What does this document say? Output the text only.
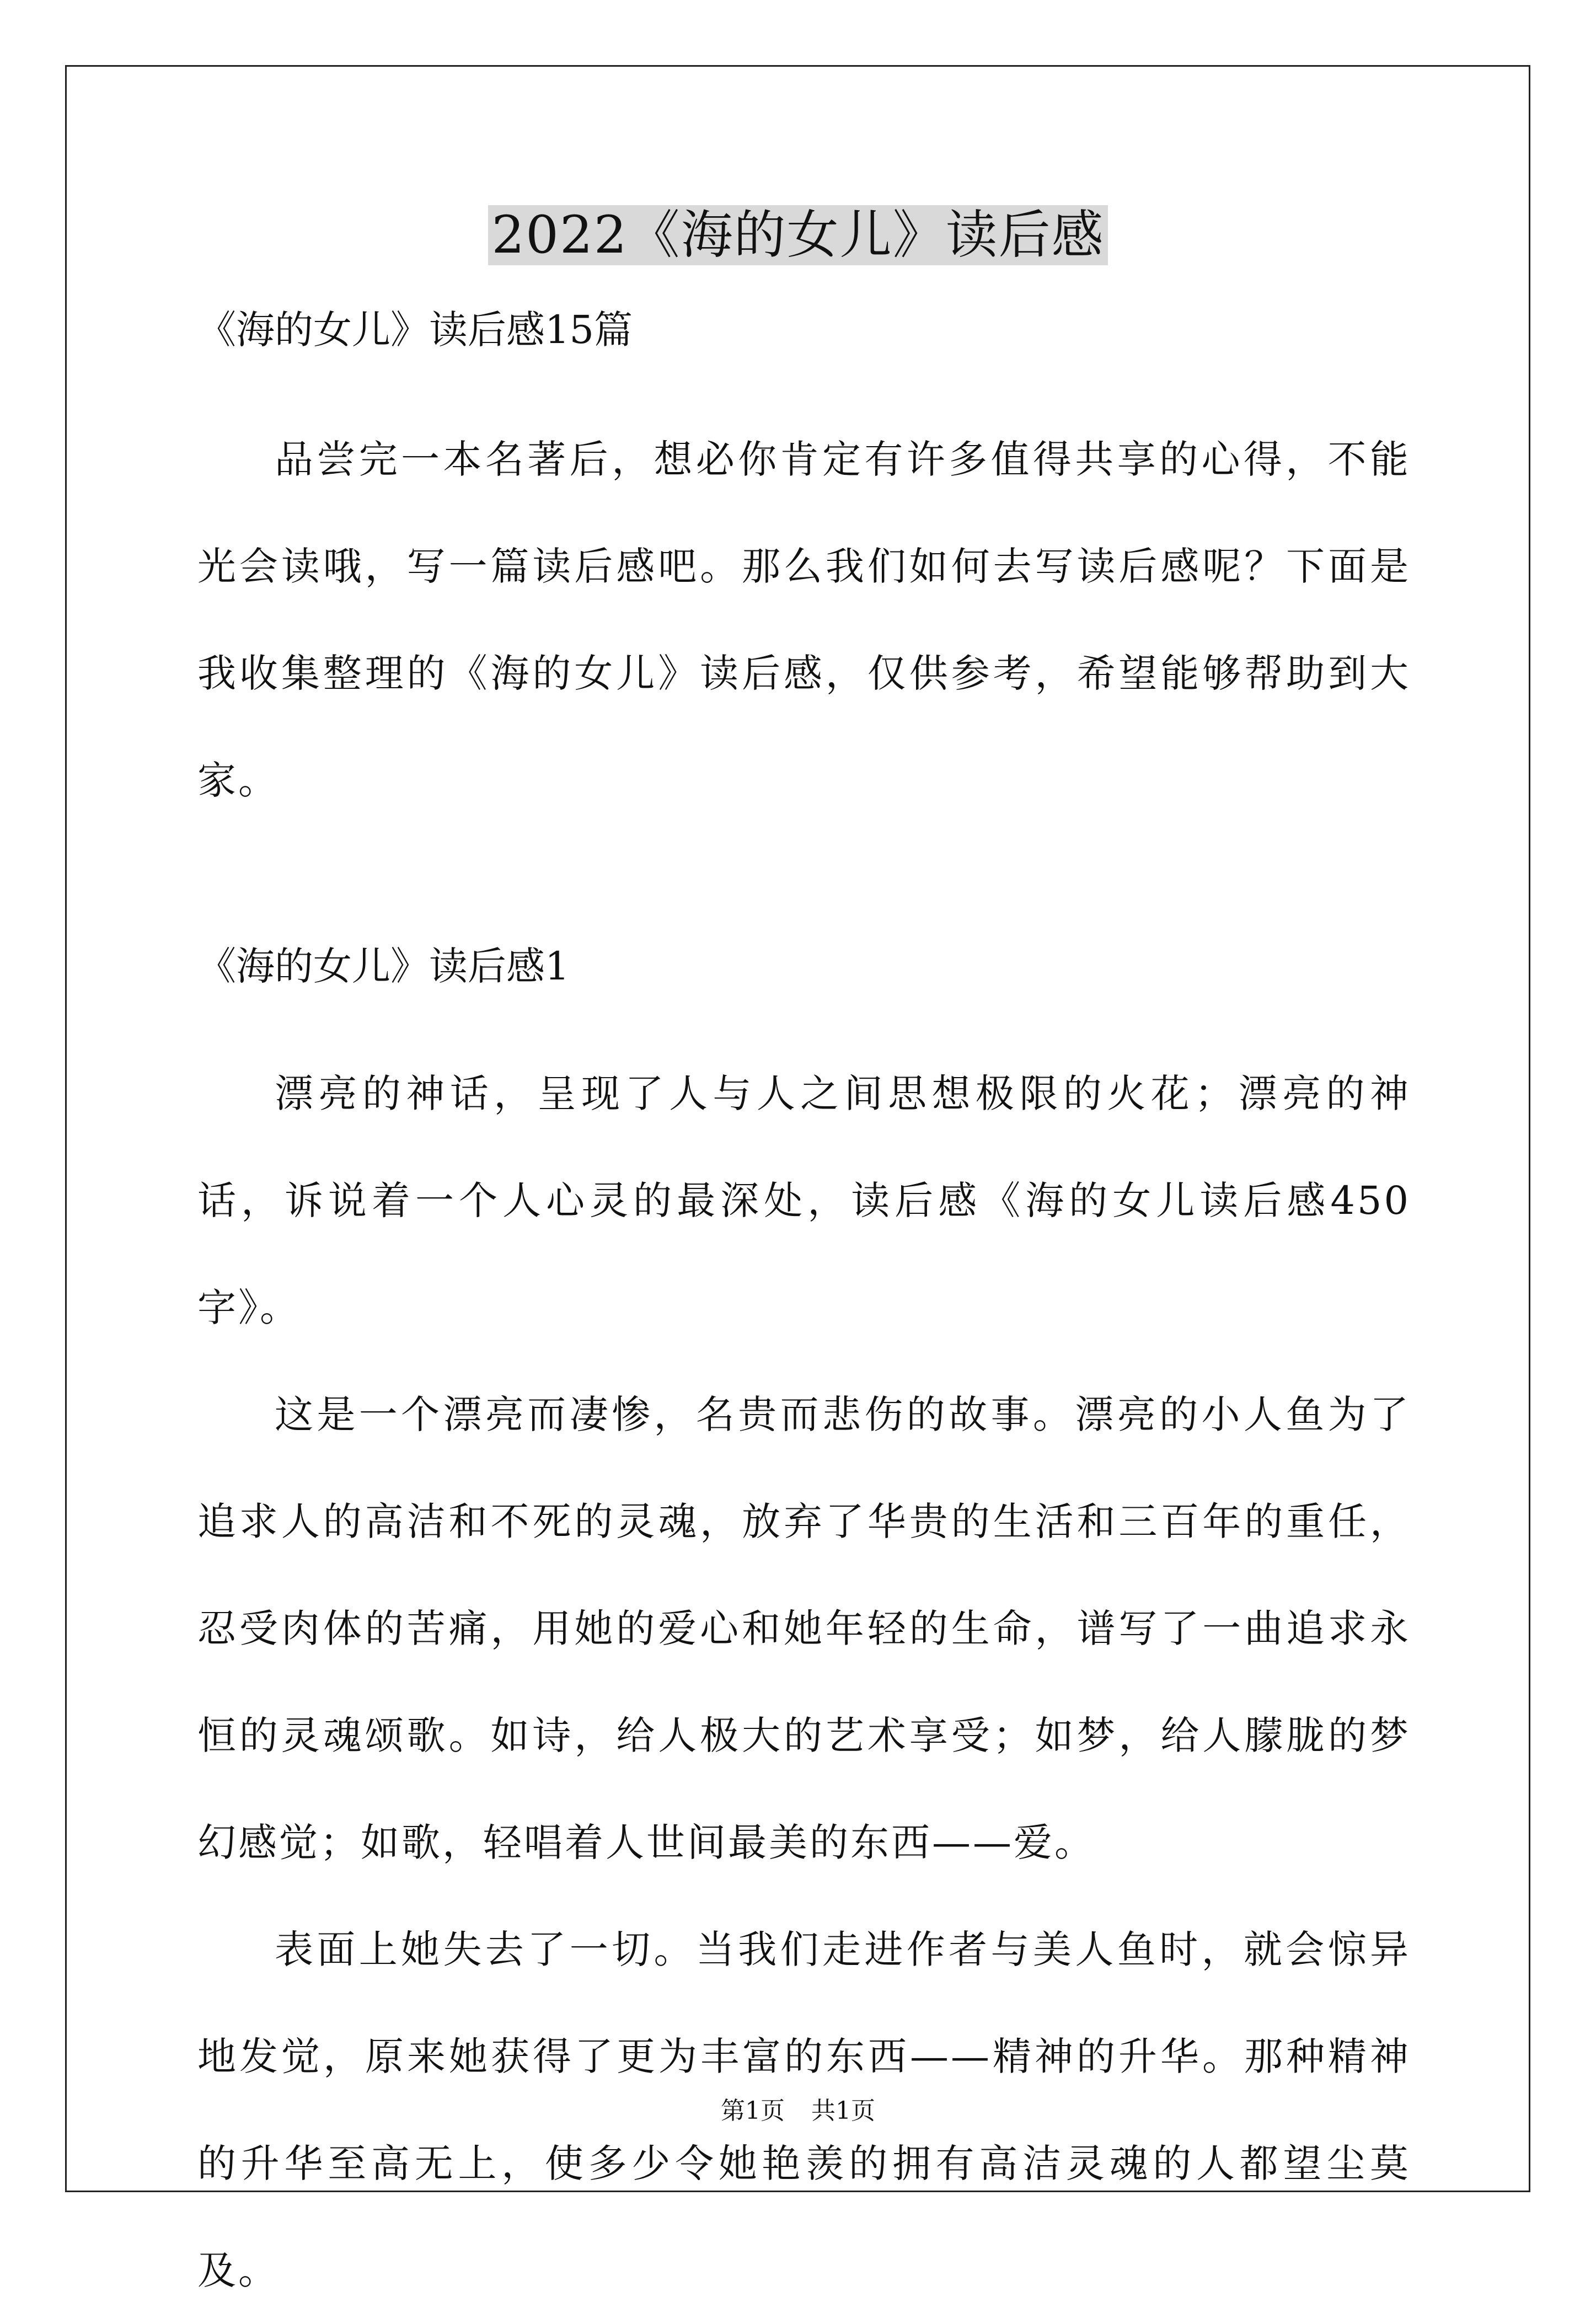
2022《海的女儿》读后感

《海的女儿》读后感15篇

品尝完一本名著后，想必你肯定有许多值得共享的心得，不能光会读哦，写一篇读后感吧。那么我们如何去写读后感呢？下面是我收集整理的《海的女儿》读后感，仅供参考，希望能够帮助到大家。

《海的女儿》读后感1

漂亮的神话，呈现了人与人之间思想极限的火花；漂亮的神话，诉说着一个人心灵的最深处，读后感《海的女儿读后感450字》。

这是一个漂亮而凄惨，名贵而悲伤的故事。漂亮的小人鱼为了追求人的高洁和不死的灵魂，放弃了华贵的生活和三百年的重任，忍受肉体的苦痛，用她的爱心和她年轻的生命，谱写了一曲追求永恒的灵魂颂歌。如诗，给人极大的艺术享受；如梦，给人朦胧的梦幻感觉；如歌，轻唱着人世间最美的东西——爱。

表面上她失去了一切。当我们走进作者与美人鱼时，就会惊异地发觉，原来她获得了更为丰富的东西——精神的升华。那种精神的升华至高无上，使多少令她艳羡的拥有高洁灵魂的人都望尘莫及。

第1页 共1页
